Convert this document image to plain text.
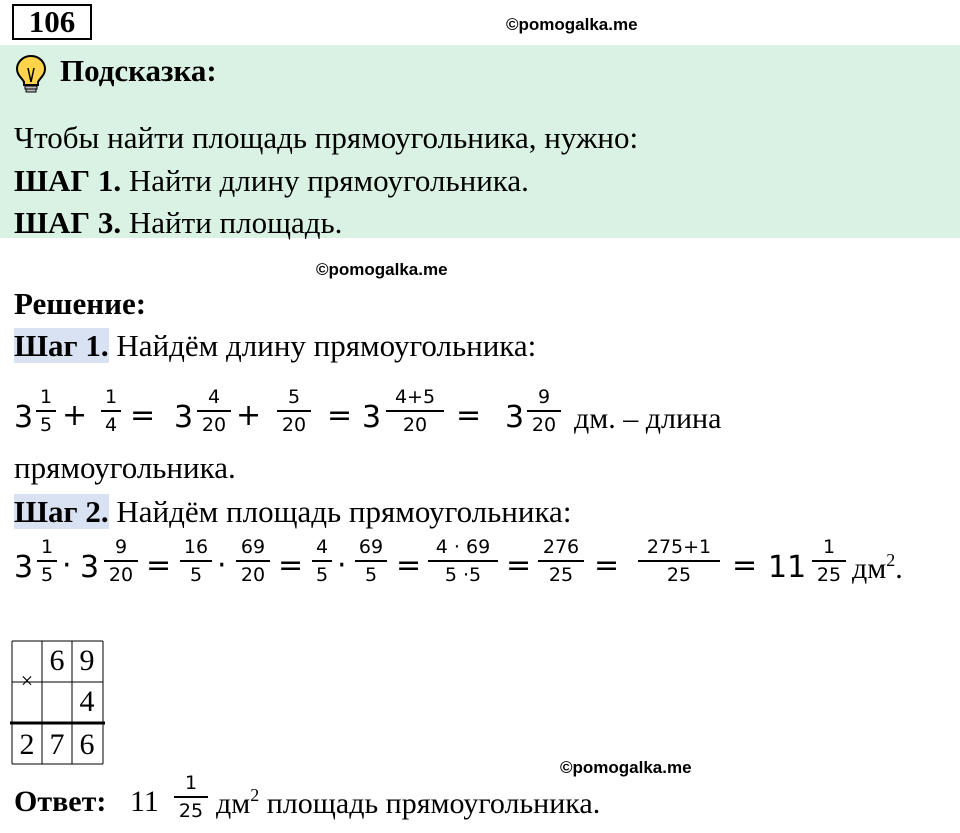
106	©pomogalka.me
Подсказка:
Чтобы найти площадь прямоугольника, нужно:
ШАГ 1. Найти длину прямоугольника.
ШАГ 3. Найти площадь.
©pomogalka.me
Решение:
Шаг 1. Найдём длину прямоугольника:
3
1
5 +
1
4 = 3
4
20 +
5
20 = 3
4+5
20 = 3
9
20 дм. – длина
прямоугольника.
Шаг 2. Найдём площадь прямоугольника:
3
1
5 · 3
9
20 =
16
5 ·
69
20 =
4
5 ·
69
5 =
4 · 69
5 ·5 =
276
25 =
275+1
25	= 11
1
25 $дм^2$.
×
6 9
4
2 7 6
©pomogalka.me
Ответ: 11
1
25 $дм^2$ площадь прямоугольника.
